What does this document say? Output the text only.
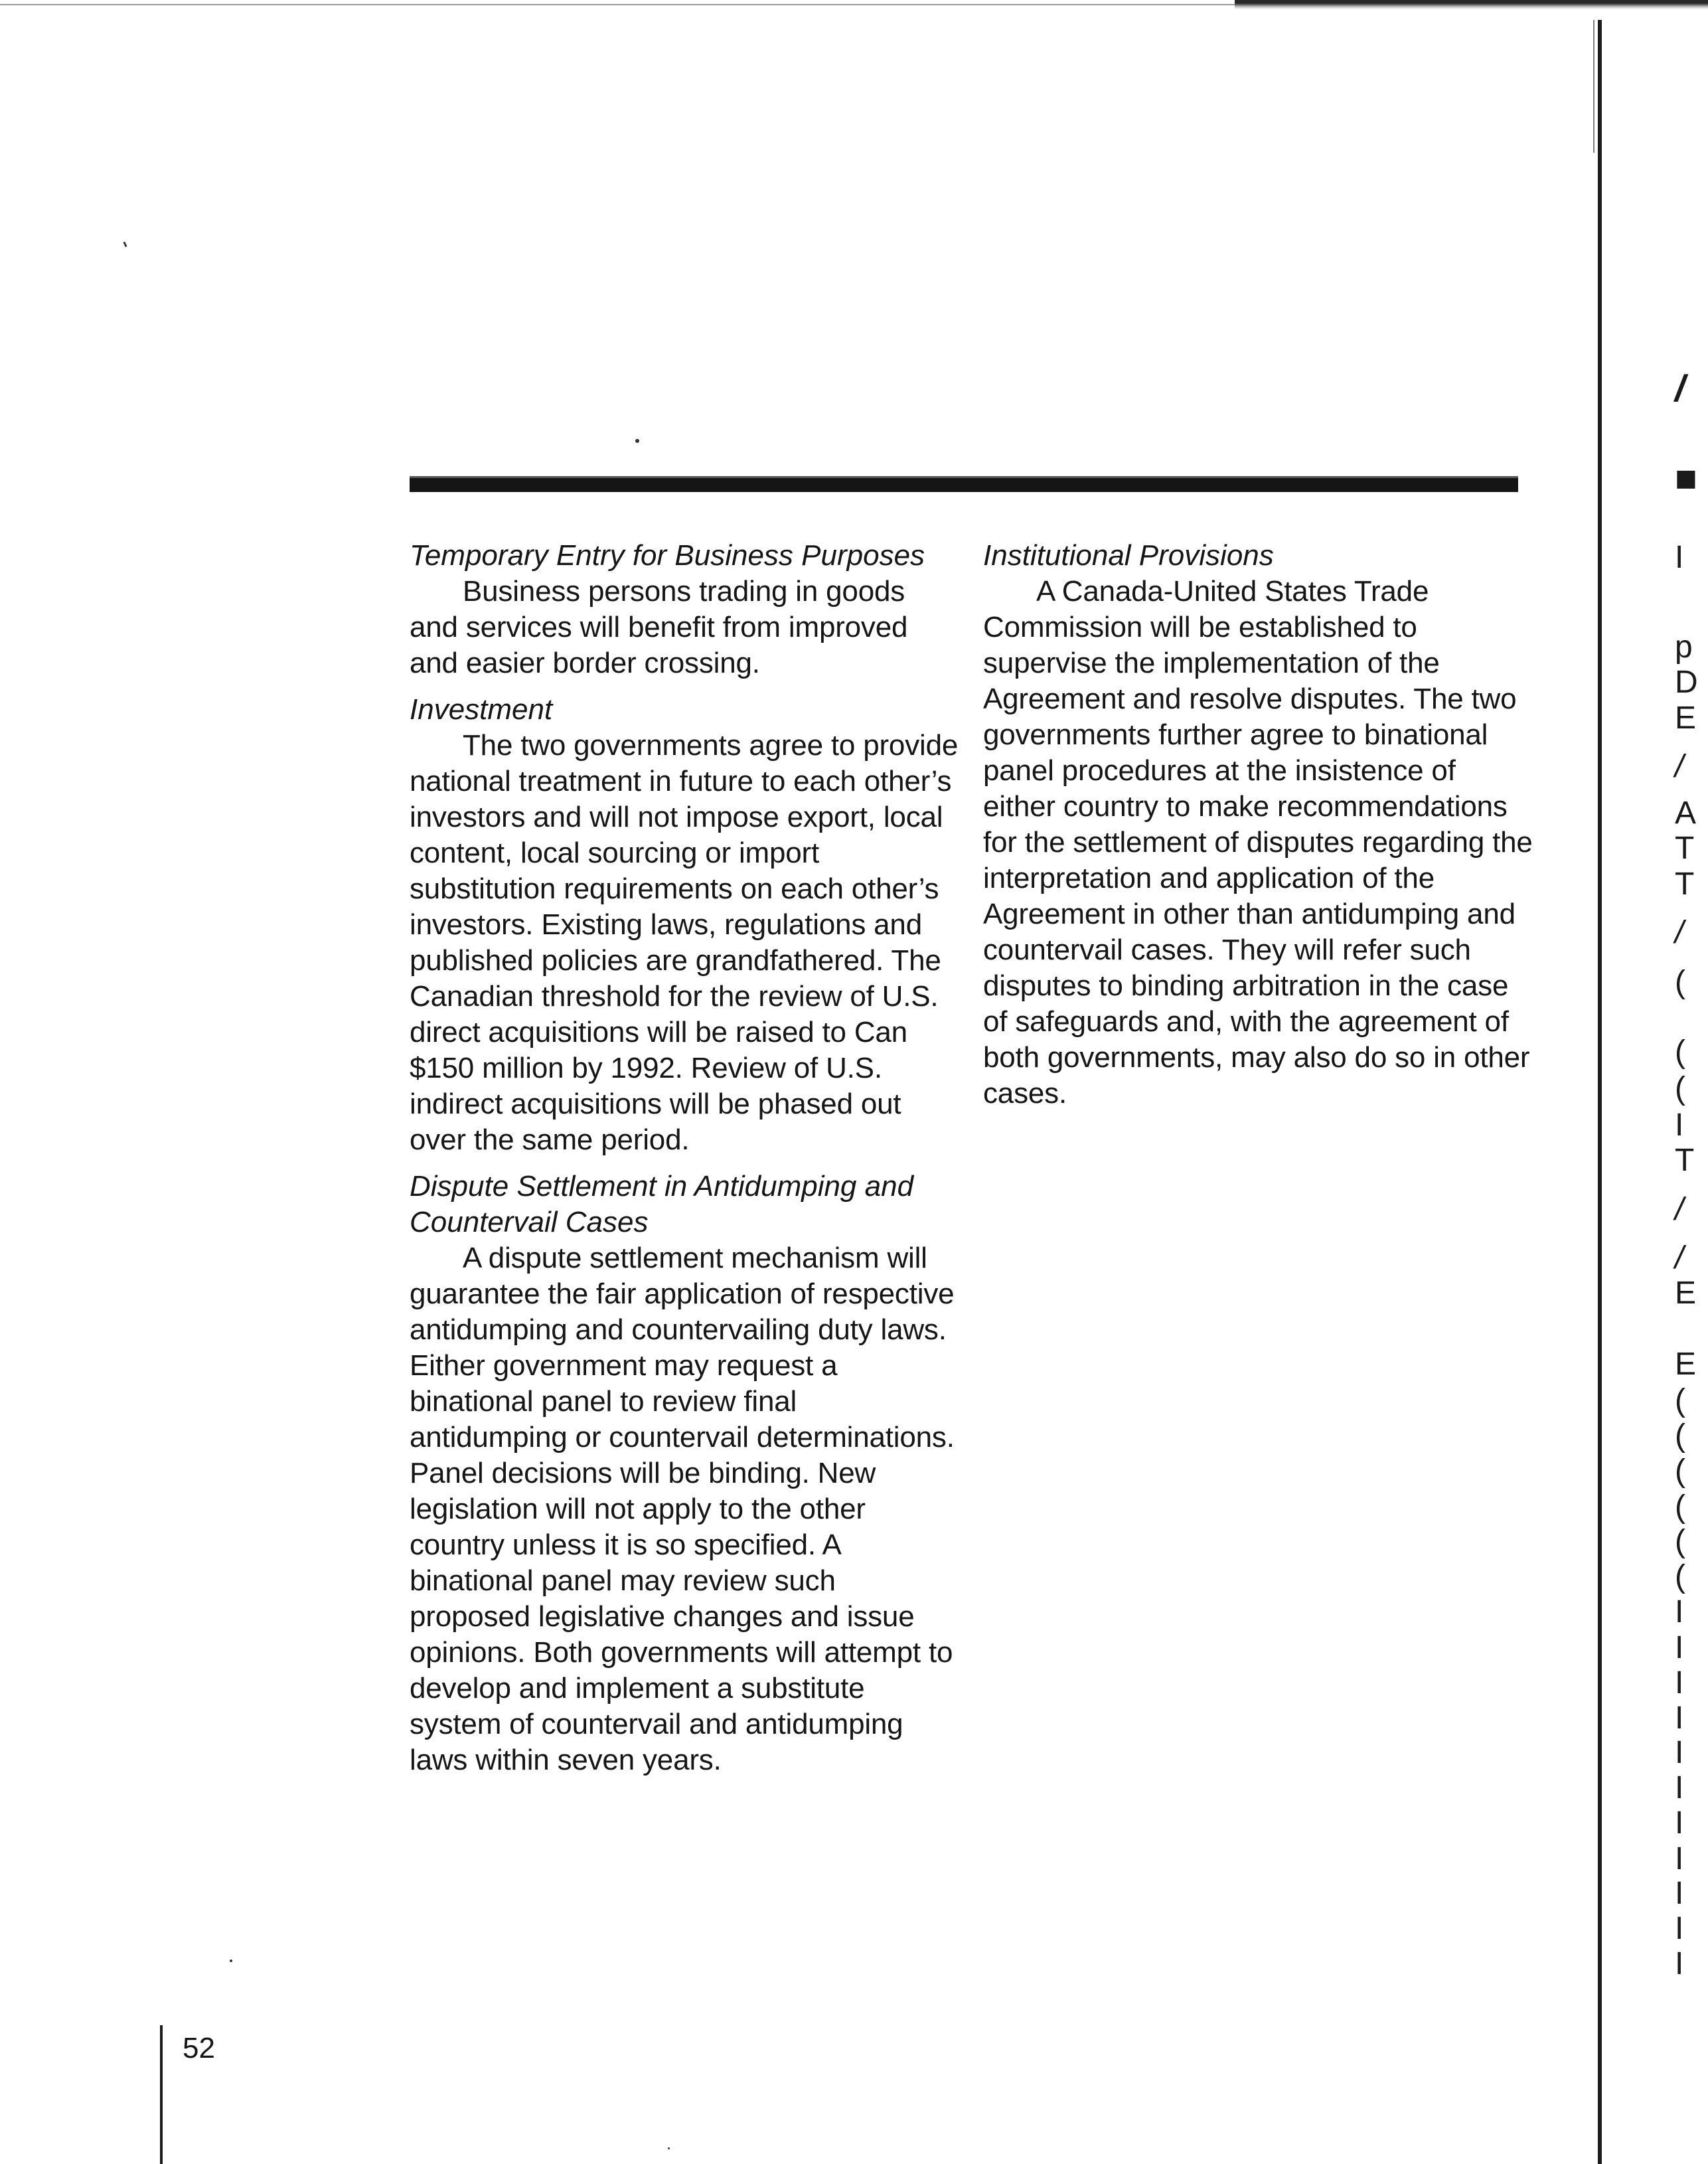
Temporary Entry for Business Purposes

Business persons trading in goods and services will benefit from improved and easier border crossing.

Investment

The two governments agree to provide national treatment in future to each other’s investors and will not impose export, local content, local sourcing or import substitution requirements on each other’s investors. Existing laws, regulations and published policies are grandfathered. The Canadian threshold for the review of U.S. direct acquisitions will be raised to Can $150 million by 1992. Review of U.S. indirect acquisitions will be phased out over the same period.

Dispute Settlement in Antidumping and Countervail Cases

A dispute settlement mechanism will guarantee the fair application of respective antidumping and countervailing duty laws. Either government may request a binational panel to review final antidumping or countervail determinations. Panel decisions will be binding. New legislation will not apply to the other country unless it is so specified. A binational panel may review such proposed legislative changes and issue opinions. Both governments will attempt to develop and implement a substitute system of countervail and antidumping laws within seven years.

Institutional Provisions

A Canada-United States Trade Commission will be established to supervise the implementation of the Agreement and resolve disputes. The two governments further agree to binational panel procedures at the insistence of either country to make recommendations for the settlement of disputes regarding the interpretation and application of the Agreement in other than antidumping and countervail cases. They will refer such disputes to binding arbitration in the case of safeguards and, with the agreement of both governments, may also do so in other cases.

52
/
■
I
p
D
E
/
A
T
T
/
(
(
(
I
T
/
/
E
E
(
(
(
(
(
(
I
I
I
I
I
I
I
I
I
I
I
